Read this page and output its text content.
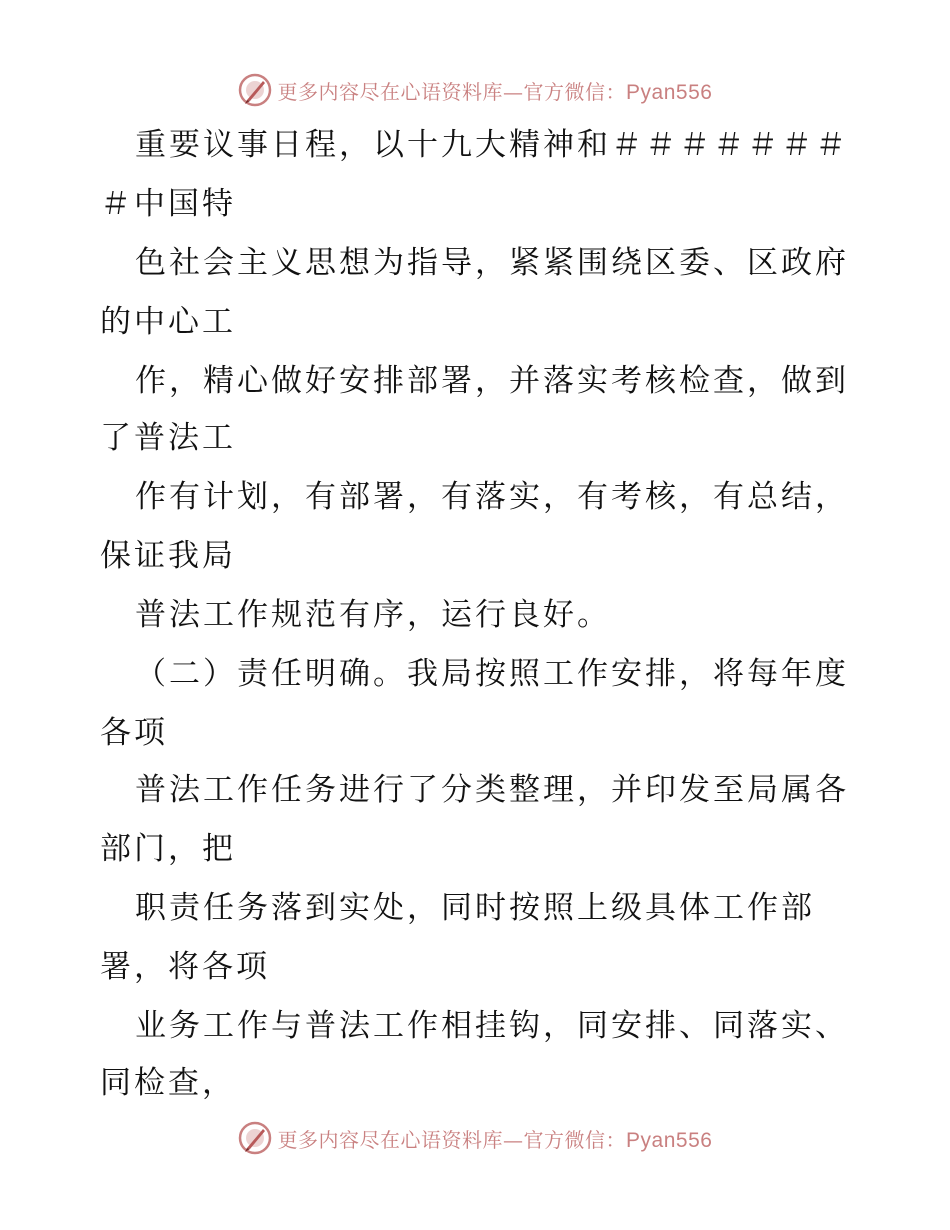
更多内容尽在心语资料库—官方微信：Pyan556
重要议事日程，以十九大精神和＃＃＃＃＃＃＃
＃中国特
色社会主义思想为指导，紧紧围绕区委、区政府
的中心工
作，精心做好安排部署，并落实考核检查，做到
了普法工
作有计划，有部署，有落实，有考核，有总结，
保证我局
普法工作规范有序，运行良好。
（二）责任明确。我局按照工作安排，将每年度
各项
普法工作任务进行了分类整理，并印发至局属各
部门，把
职责任务落到实处，同时按照上级具体工作部
署，将各项
业务工作与普法工作相挂钩，同安排、同落实、
同检查，
更多内容尽在心语资料库—官方微信：Pyan556
